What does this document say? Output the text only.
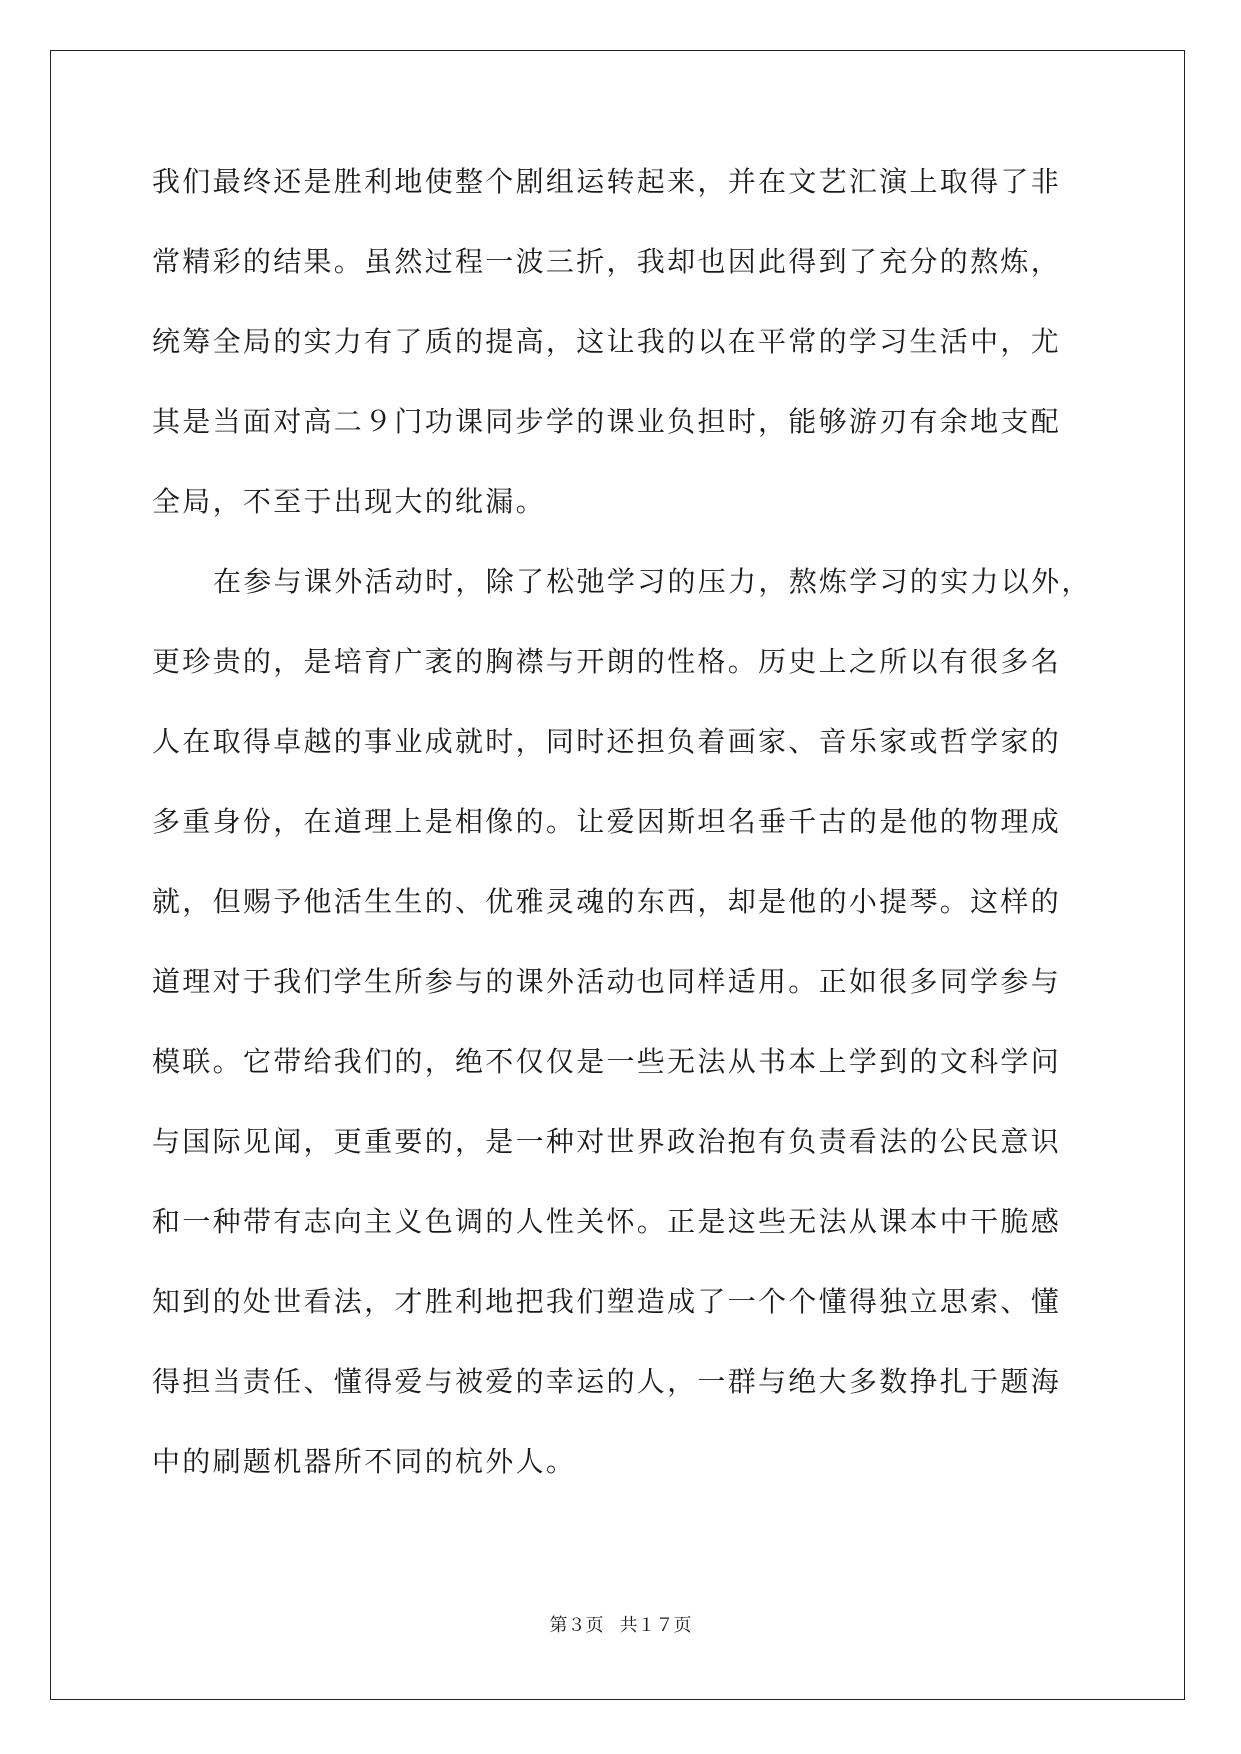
我们最终还是胜利地使整个剧组运转起来，并在文艺汇演上取得了非
常精彩的结果。虽然过程一波三折，我却也因此得到了充分的熬炼，
统筹全局的实力有了质的提高，这让我的以在平常的学习生活中，尤
其是当面对高二９门功课同步学的课业负担时，能够游刃有余地支配
全局，不至于出现大的纰漏。
在参与课外活动时，除了松弛学习的压力，熬炼学习的实力以外，
更珍贵的，是培育广袤的胸襟与开朗的性格。历史上之所以有很多名
人在取得卓越的事业成就时，同时还担负着画家、音乐家或哲学家的
多重身份，在道理上是相像的。让爱因斯坦名垂千古的是他的物理成
就，但赐予他活生生的、优雅灵魂的东西，却是他的小提琴。这样的
道理对于我们学生所参与的课外活动也同样适用。正如很多同学参与
模联。它带给我们的，绝不仅仅是一些无法从书本上学到的文科学问
与国际见闻，更重要的，是一种对世界政治抱有负责看法的公民意识
和一种带有志向主义色调的人性关怀。正是这些无法从课本中干脆感
知到的处世看法，才胜利地把我们塑造成了一个个懂得独立思索、懂
得担当责任、懂得爱与被爱的幸运的人，一群与绝大多数挣扎于题海
中的刷题机器所不同的杭外人。
第３页 共１７页
